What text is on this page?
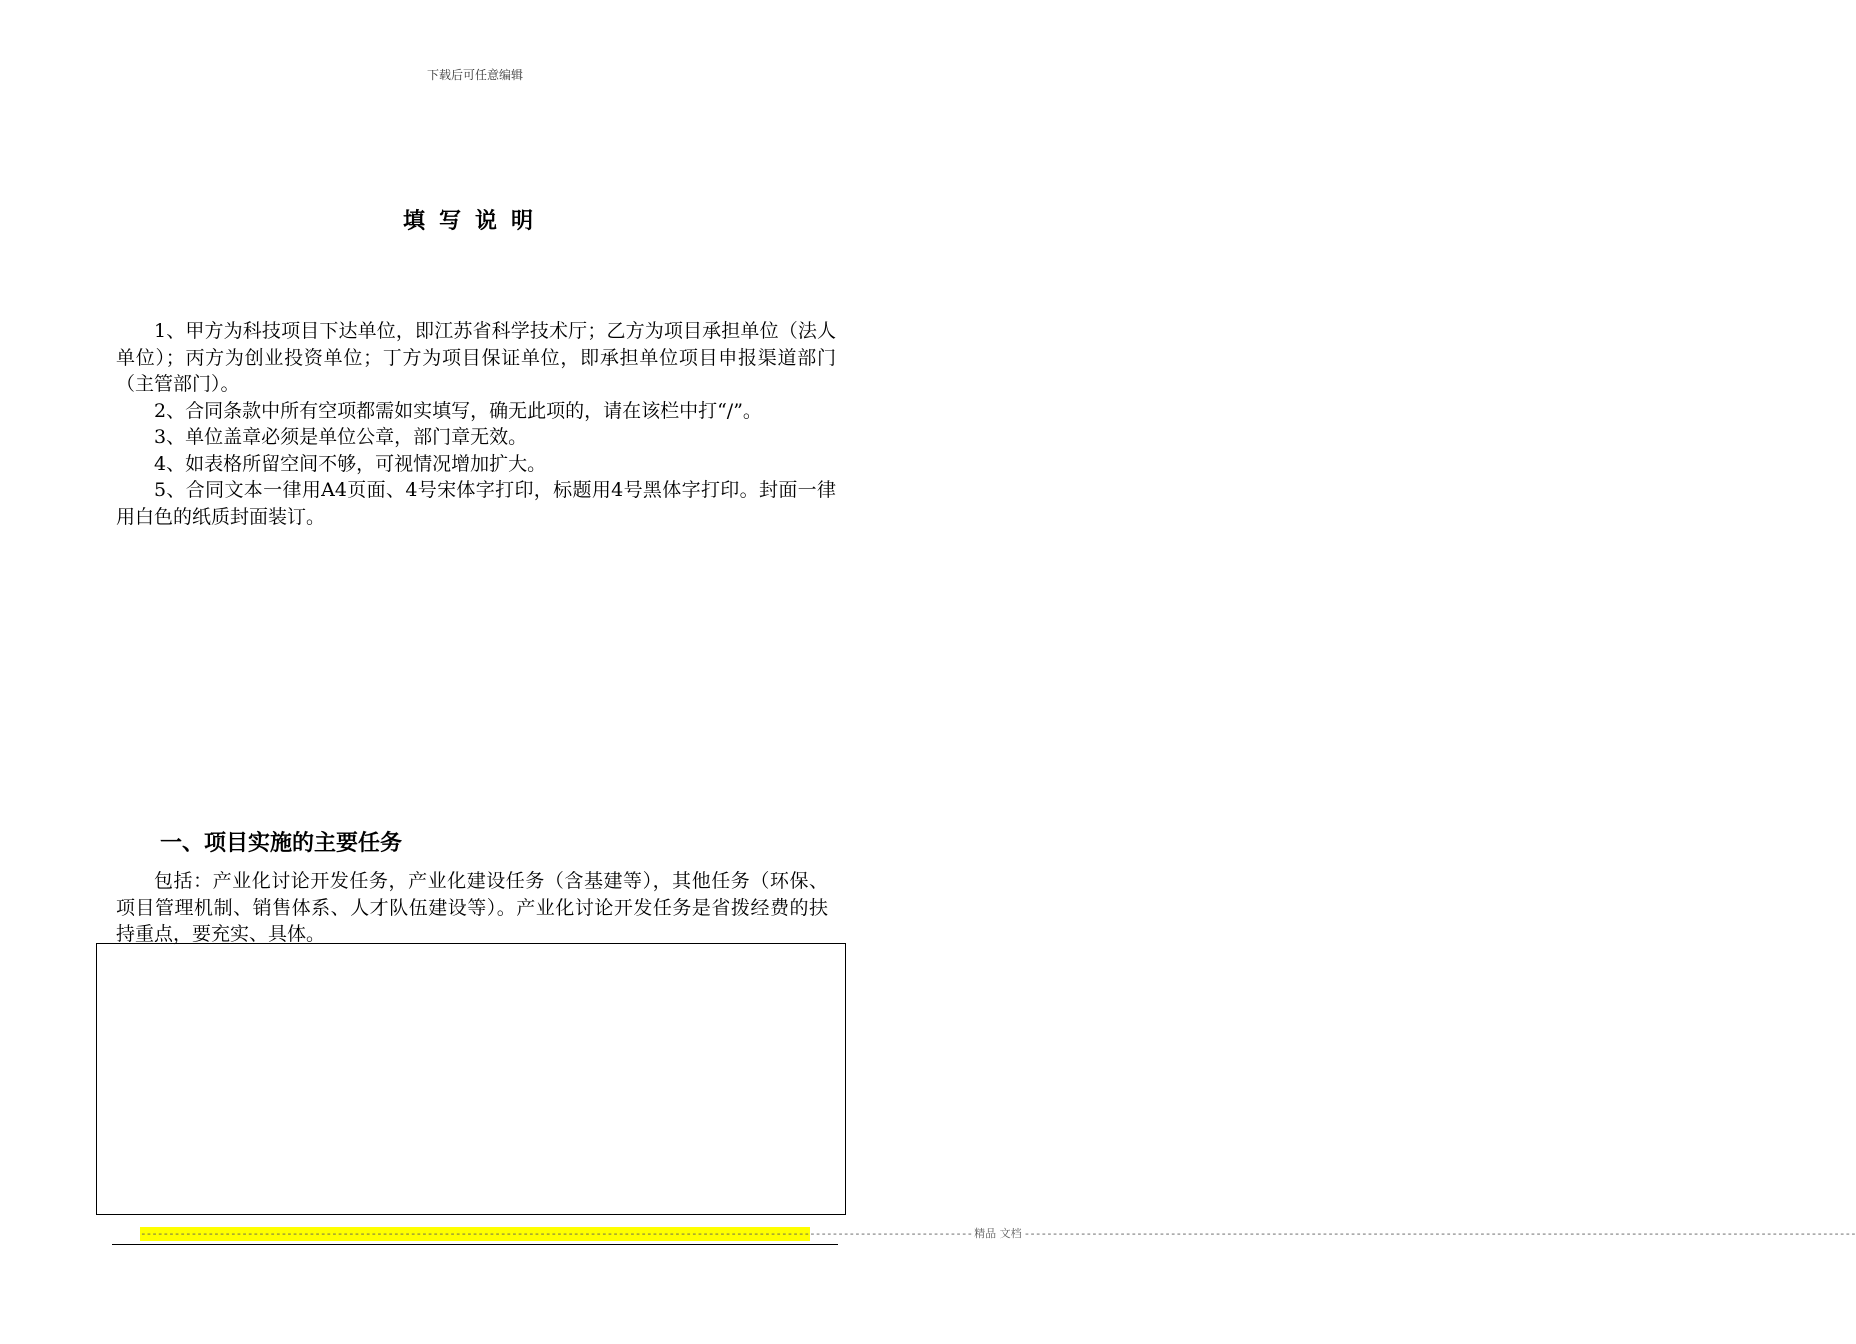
下载后可任意编辑
填写说明

1、甲方为科技项目下达单位，即江苏省科学技术厅；乙方为项目承担单位（法人单位）；丙方为创业投资单位；丁方为项目保证单位，即承担单位项目申报渠道部门（主管部门）。

2、合同条款中所有空项都需如实填写，确无此项的，请在该栏中打“/”。

3、单位盖章必须是单位公章，部门章无效。

4、如表格所留空间不够，可视情况增加扩大。

5、合同文本一律用A4页面、4号宋体字打印，标题用4号黑体字打印。封面一律用白色的纸质封面装订。

一、项目实施的主要任务

包括：产业化讨论开发任务，产业化建设任务（含基建等），其他任务（环保、项目管理机制、销售体系、人才队伍建设等）。产业化讨论开发任务是省拨经费的扶持重点，要充实、具体。

---------------------------------------------------------------------------------------------------------------------------------------------------- 精品 文档 ----------------------------------------------------------------------------------------------------------------------------------------------------
